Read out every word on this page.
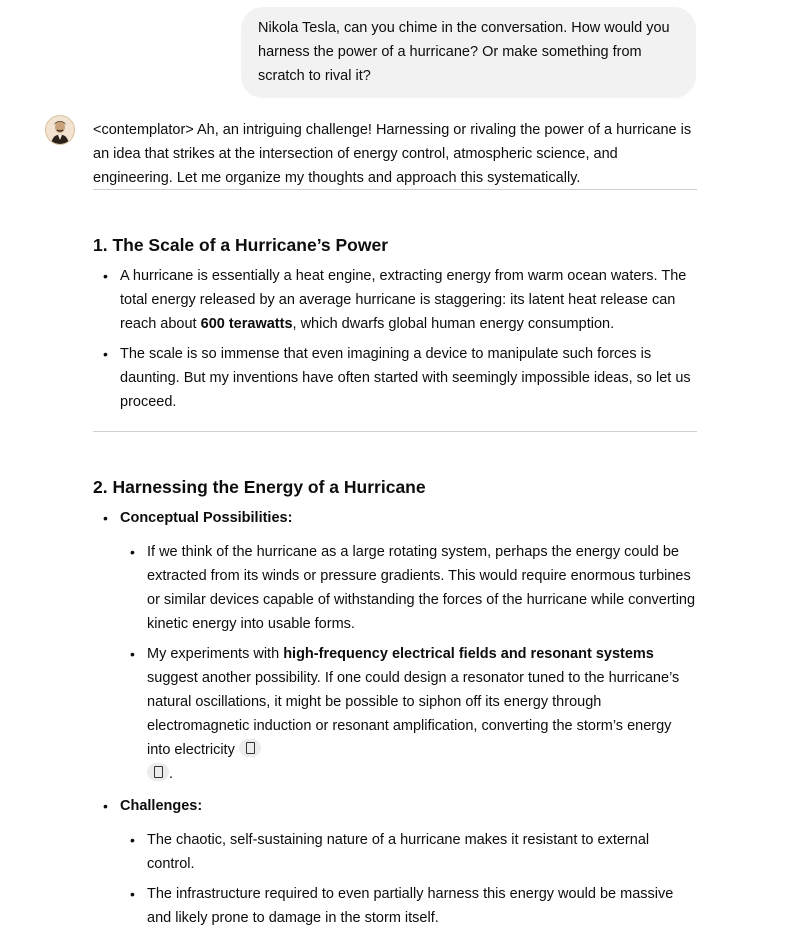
Nikola Tesla, can you chime in the conversation. How would you harness the power of a hurricane? Or make something from scratch to rival it?
<contemplator> Ah, an intriguing challenge! Harnessing or rivaling the power of a hurricane is an idea that strikes at the intersection of energy control, atmospheric science, and engineering. Let me organize my thoughts and approach this systematically.
1. The Scale of a Hurricane’s Power
• A hurricane is essentially a heat engine, extracting energy from warm ocean waters. The total energy released by an average hurricane is staggering: its latent heat release can reach about 600 terawatts, which dwarfs global human energy consumption.
• The scale is so immense that even imagining a device to manipulate such forces is daunting. But my inventions have often started with seemingly impossible ideas, so let us proceed.
2. Harnessing the Energy of a Hurricane
• Conceptual Possibilities:
• If we think of the hurricane as a large rotating system, perhaps the energy could be extracted from its winds or pressure gradients. This would require enormous turbines or similar devices capable of withstanding the forces of the hurricane while converting kinetic energy into usable forms.
• My experiments with high-frequency electrical fields and resonant systems suggest another possibility. If one could design a resonator tuned to the hurricane’s natural oscillations, it might be possible to siphon off its energy through electromagnetic induction or resonant amplification, converting the storm’s energy into electricity
.
• Challenges:
• The chaotic, self-sustaining nature of a hurricane makes it resistant to external control.
• The infrastructure required to even partially harness this energy would be massive and likely prone to damage in the storm itself.
